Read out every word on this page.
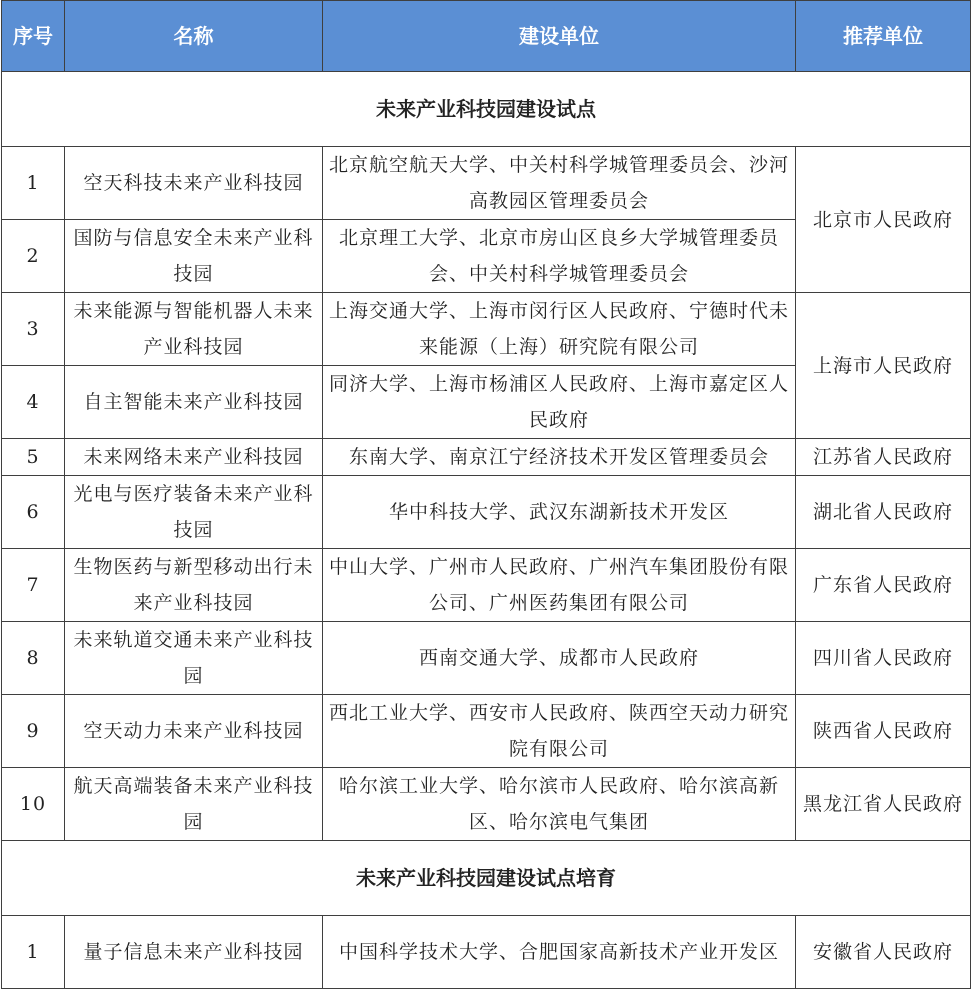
序号	名称	建设单位	推荐单位
未来产业科技园建设试点			
1	空天科技未来产业科技园	北京航空航天大学、中关村科学城管理委员会、沙河高教园区管理委员会	北京市人民政府
2	国防与信息安全未来产业科技园	北京理工大学、北京市房山区良乡大学城管理委员会、中关村科学城管理委员会	
3	未来能源与智能机器人未来产业科技园	上海交通大学、上海市闵行区人民政府、宁德时代未来能源（上海）研究院有限公司	上海市人民政府
4	自主智能未来产业科技园	同济大学、上海市杨浦区人民政府、上海市嘉定区人民政府	
5	未来网络未来产业科技园	东南大学、南京江宁经济技术开发区管理委员会	江苏省人民政府
6	光电与医疗装备未来产业科技园	华中科技大学、武汉东湖新技术开发区	湖北省人民政府
7	生物医药与新型移动出行未来产业科技园	中山大学、广州市人民政府、广州汽车集团股份有限公司、广州医药集团有限公司	广东省人民政府
8	未来轨道交通未来产业科技园	西南交通大学、成都市人民政府	四川省人民政府
9	空天动力未来产业科技园	西北工业大学、西安市人民政府、陕西空天动力研究院有限公司	陕西省人民政府
10	航天高端装备未来产业科技园	哈尔滨工业大学、哈尔滨市人民政府、哈尔滨高新区、哈尔滨电气集团	黑龙江省人民政府
未来产业科技园建设试点培育			
1	量子信息未来产业科技园	中国科学技术大学、合肥国家高新技术产业开发区	安徽省人民政府
